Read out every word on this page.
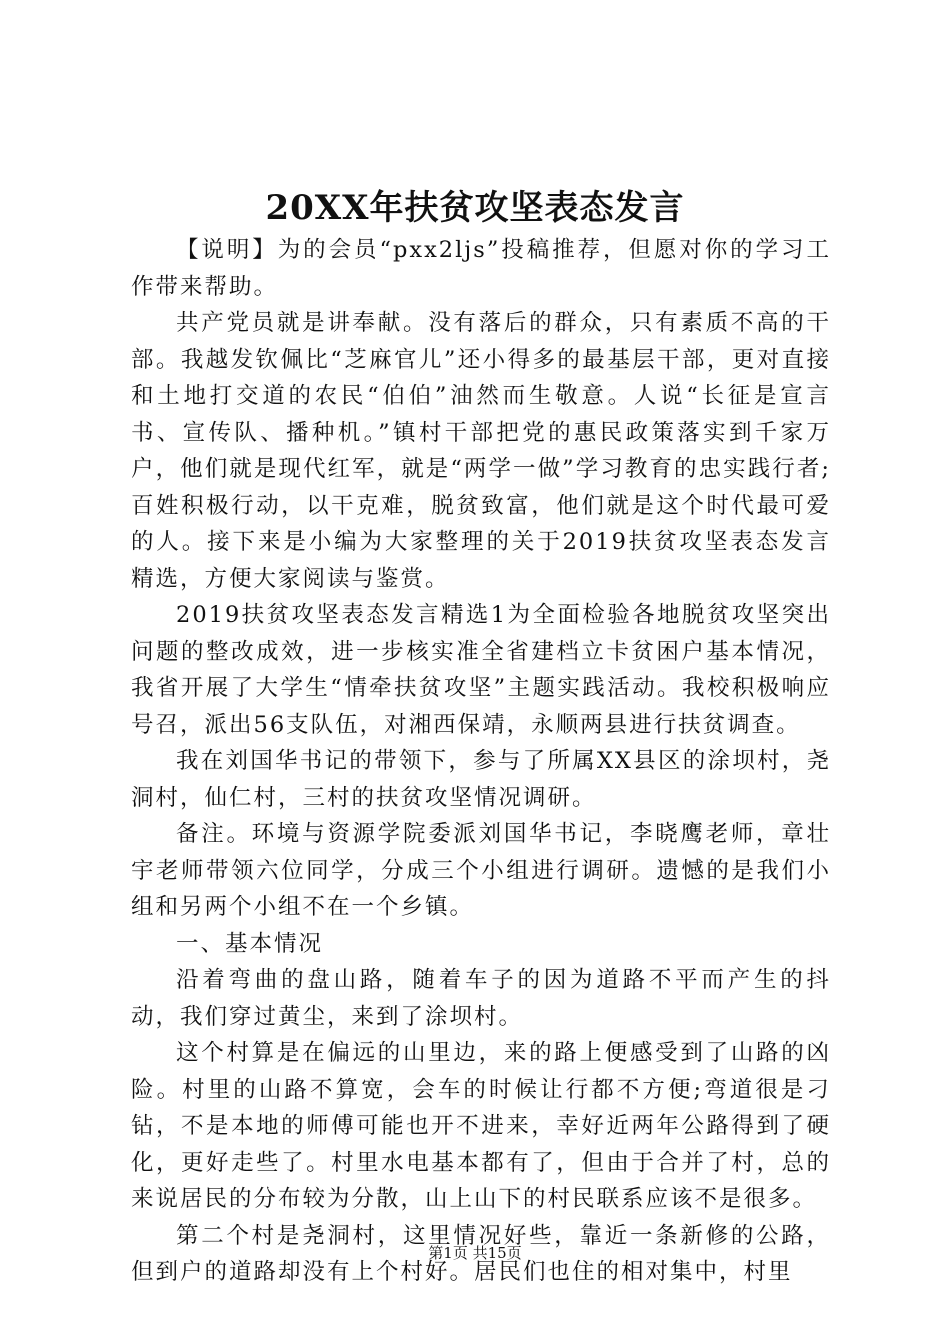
20XX年扶贫攻坚表态发言

【说明】为的会员“pxx2ljs”投稿推荐，但愿对你的学习工作带来帮助。

共产党员就是讲奉献。没有落后的群众，只有素质不高的干部。我越发钦佩比“芝麻官儿”还小得多的最基层干部，更对直接和土地打交道的农民“伯伯”油然而生敬意。人说“长征是宣言书、宣传队、播种机。”镇村干部把党的惠民政策落实到千家万户，他们就是现代红军，就是“两学一做”学习教育的忠实践行者;百姓积极行动，以干克难，脱贫致富，他们就是这个时代最可爱的人。接下来是小编为大家整理的关于2019扶贫攻坚表态发言精选，方便大家阅读与鉴赏。

2019扶贫攻坚表态发言精选1为全面检验各地脱贫攻坚突出问题的整改成效，进一步核实准全省建档立卡贫困户基本情况，我省开展了大学生“情牵扶贫攻坚”主题实践活动。我校积极响应号召，派出56支队伍，对湘西保靖，永顺两县进行扶贫调查。

我在刘国华书记的带领下，参与了所属XX县区的涂坝村，尧洞村，仙仁村，三村的扶贫攻坚情况调研。

备注。环境与资源学院委派刘国华书记，李晓鹰老师，章壮宇老师带领六位同学，分成三个小组进行调研。遗憾的是我们小组和另两个小组不在一个乡镇。

一、基本情况

沿着弯曲的盘山路，随着车子的因为道路不平而产生的抖动，我们穿过黄尘，来到了涂坝村。

这个村算是在偏远的山里边，来的路上便感受到了山路的凶险。村里的山路不算宽，会车的时候让行都不方便;弯道很是刁钻，不是本地的师傅可能也开不进来，幸好近两年公路得到了硬化，更好走些了。村里水电基本都有了，但由于合并了村，总的来说居民的分布较为分散，山上山下的村民联系应该不是很多。

第二个村是尧洞村，这里情况好些，靠近一条新修的公路，但到户的道路却没有上个村好。居民们也住的相对集中，村里

第1页 共15页
